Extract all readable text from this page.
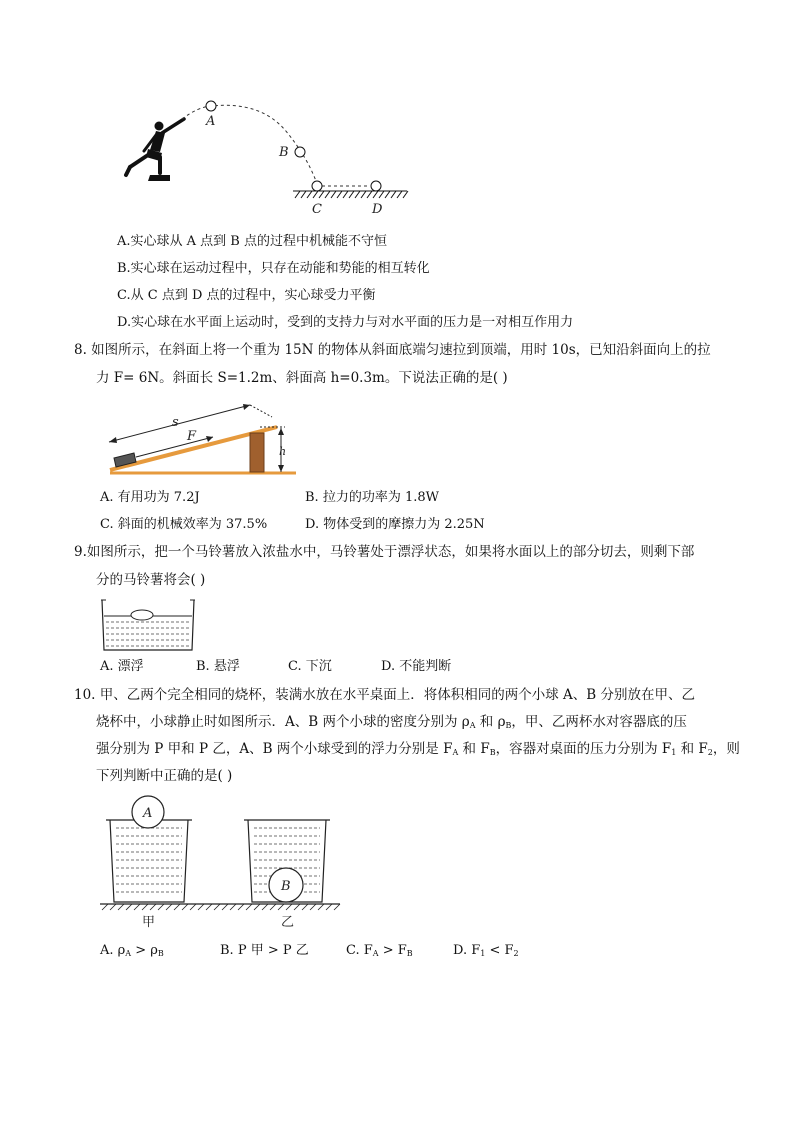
A
B
C	D
A.实心球从 A 点到 B 点的过程中机械能不守恒
B.实心球在运动过程中，只存在动能和势能的相互转化
C.从 C 点到 D 点的过程中，实心球受力平衡
D.实心球在水平面上运动时，受到的支持力与对水平面的压力是一对相互作用力
8. 如图所示，在斜面上将一个重为 15N 的物体从斜面底端匀速拉到顶端，用时 10s，已知沿斜面向上的拉
力 F= 6N。斜面长 S=1.2m、斜面高 h=0.3m。下说法正确的是( )
F
s
h
A. 有用功为 7.2J	B. 拉力的功率为 1.8W
C. 斜面的机械效率为 37.5%	D. 物体受到的摩擦力为 2.25N
9.如图所示，把一个马铃薯放入浓盐水中，马铃薯处于漂浮状态，如果将水面以上的部分切去，则剩下部
分的马铃薯将会( )
A. 漂浮	B. 悬浮	C. 下沉	D. 不能判断
10. 甲、乙两个完全相同的烧杯，装满水放在水平桌面上．将体积相同的两个小球 A、B 分别放在甲、乙
烧杯中，小球静止时如图所示．A、B 两个小球的密度分别为 $\rho_A$ 和 $\rho_B$，甲、乙两杯水对容器底的压
强分别为 P 甲和 P 乙，A、B 两个小球受到的浮力分别是 $F_A$ 和 $F_B$，容器对桌面的压力分别为 $F_1$ 和 $F_2$，则
下列判断中正确的是( )
A
B
甲	乙
A. $\rho_A > \rho_B$	B. P 甲 > P 乙	C. $F_A > F_B$	D. $F_1 < F_2$
